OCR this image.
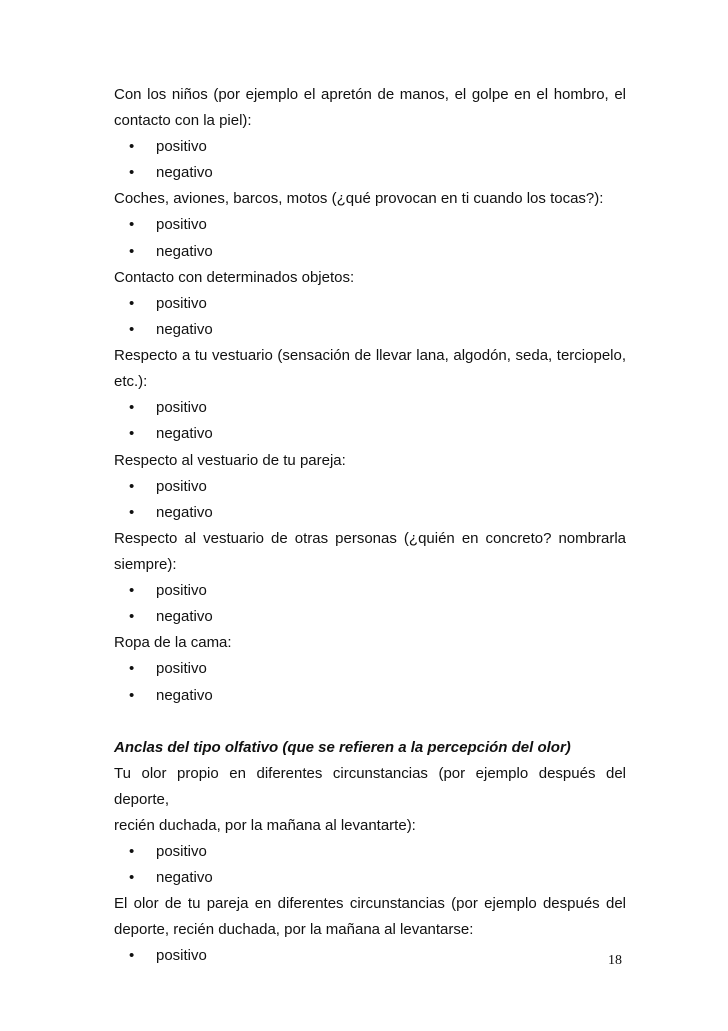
Con los niños (por ejemplo el apretón de manos, el golpe en el hombro, el
contacto con la piel):
• positivo
• negativo
Coches, aviones, barcos, motos (¿qué provocan en ti cuando los tocas?):
• positivo
• negativo
Contacto con determinados objetos:
• positivo
• negativo
Respecto a tu vestuario (sensación de llevar lana, algodón, seda, terciopelo,
etc.):
• positivo
• negativo
Respecto al vestuario de tu pareja:
• positivo
• negativo
Respecto al vestuario de otras personas (¿quién en concreto? nombrarla
siempre):
• positivo
• negativo
Ropa de la cama:
• positivo
• negativo
Anclas del tipo olfativo (que se refieren a la percepción del olor)
Tu olor propio en diferentes circunstancias (por ejemplo después del deporte,
recién duchada, por la mañana al levantarte):
• positivo
• negativo
El olor de tu pareja en diferentes circunstancias (por ejemplo después del
deporte, recién duchada, por la mañana al levantarse:
• positivo	18
